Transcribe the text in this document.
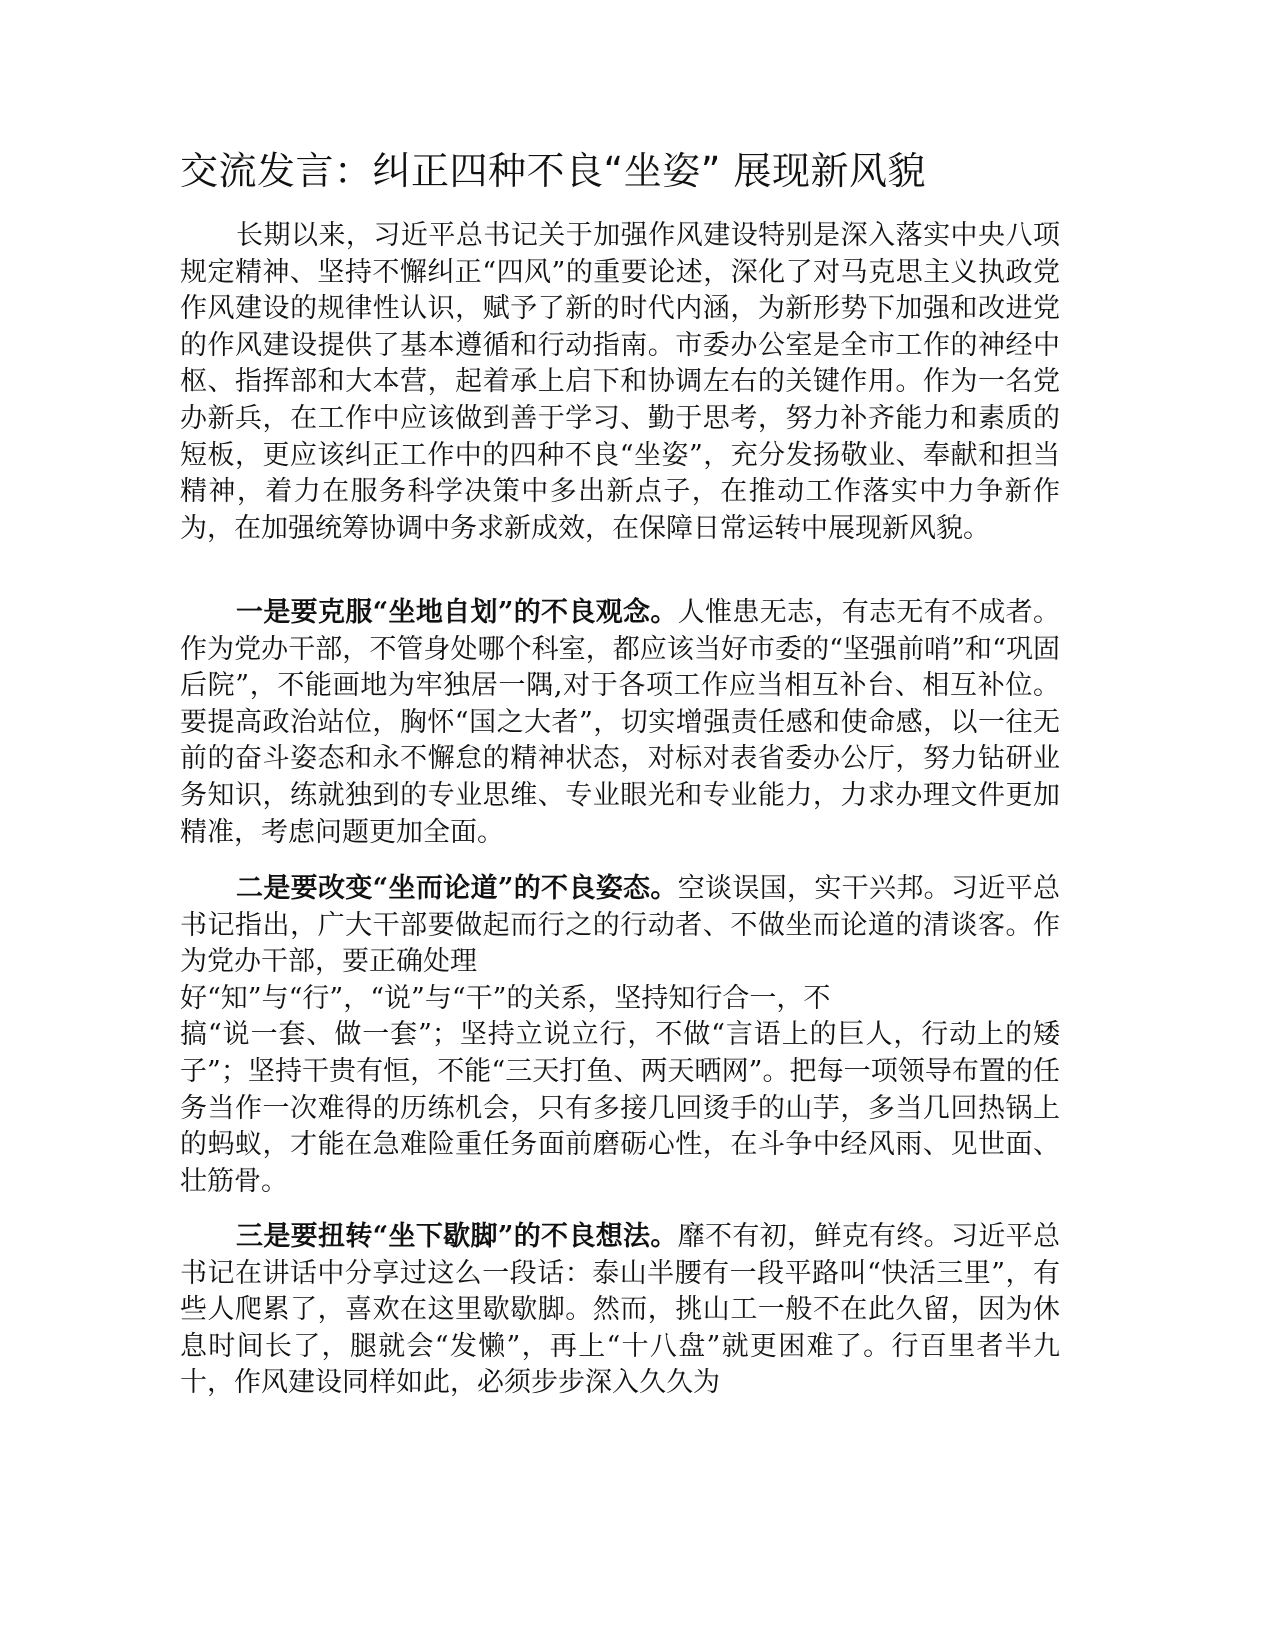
交流发言：纠正四种不良“坐姿” 展现新风貌

长期以来，习近平总书记关于加强作风建设特别是深入落实中央八项规定精神、坚持不懈纠正“四风”的重要论述，深化了对马克思主义执政党作风建设的规律性认识，赋予了新的时代内涵，为新形势下加强和改进党的作风建设提供了基本遵循和行动指南。市委办公室是全市工作的神经中枢、指挥部和大本营，起着承上启下和协调左右的关键作用。作为一名党办新兵，在工作中应该做到善于学习、勤于思考，努力补齐能力和素质的短板，更应该纠正工作中的四种不良“坐姿”，充分发扬敬业、奉献和担当精神，着力在服务科学决策中多出新点子，在推动工作落实中力争新作为，在加强统筹协调中务求新成效，在保障日常运转中展现新风貌。

一是要克服“坐地自划”的不良观念。人惟患无志，有志无有不成者。作为党办干部，不管身处哪个科室，都应该当好市委的“坚强前哨”和“巩固后院”，不能画地为牢独居一隅,对于各项工作应当相互补台、相互补位。要提高政治站位，胸怀“国之大者”，切实增强责任感和使命感，以一往无前的奋斗姿态和永不懈怠的精神状态，对标对表省委办公厅，努力钻研业务知识，练就独到的专业思维、专业眼光和专业能力，力求办理文件更加精准，考虑问题更加全面。

二是要改变“坐而论道”的不良姿态。空谈误国，实干兴邦。习近平总书记指出，广大干部要做起而行之的行动者、不做坐而论道的清谈客。作为党办干部，要正确处理
好“知”与“行”，“说”与“干”的关系，坚持知行合一，不
搞“说一套、做一套”；坚持立说立行，不做“言语上的巨人，行动上的矮子”；坚持干贵有恒，不能“三天打鱼、两天晒网”。把每一项领导布置的任务当作一次难得的历练机会，只有多接几回烫手的山芋，多当几回热锅上的蚂蚁，才能在急难险重任务面前磨砺心性，在斗争中经风雨、见世面、壮筋骨。

三是要扭转“坐下歇脚”的不良想法。靡不有初，鲜克有终。习近平总书记在讲话中分享过这么一段话：泰山半腰有一段平路叫“快活三里”，有些人爬累了，喜欢在这里歇歇脚。然而，挑山工一般不在此久留，因为休息时间长了，腿就会“发懒”，再上“十八盘”就更困难了。行百里者半九十，作风建设同样如此，必须步步深入久久为
